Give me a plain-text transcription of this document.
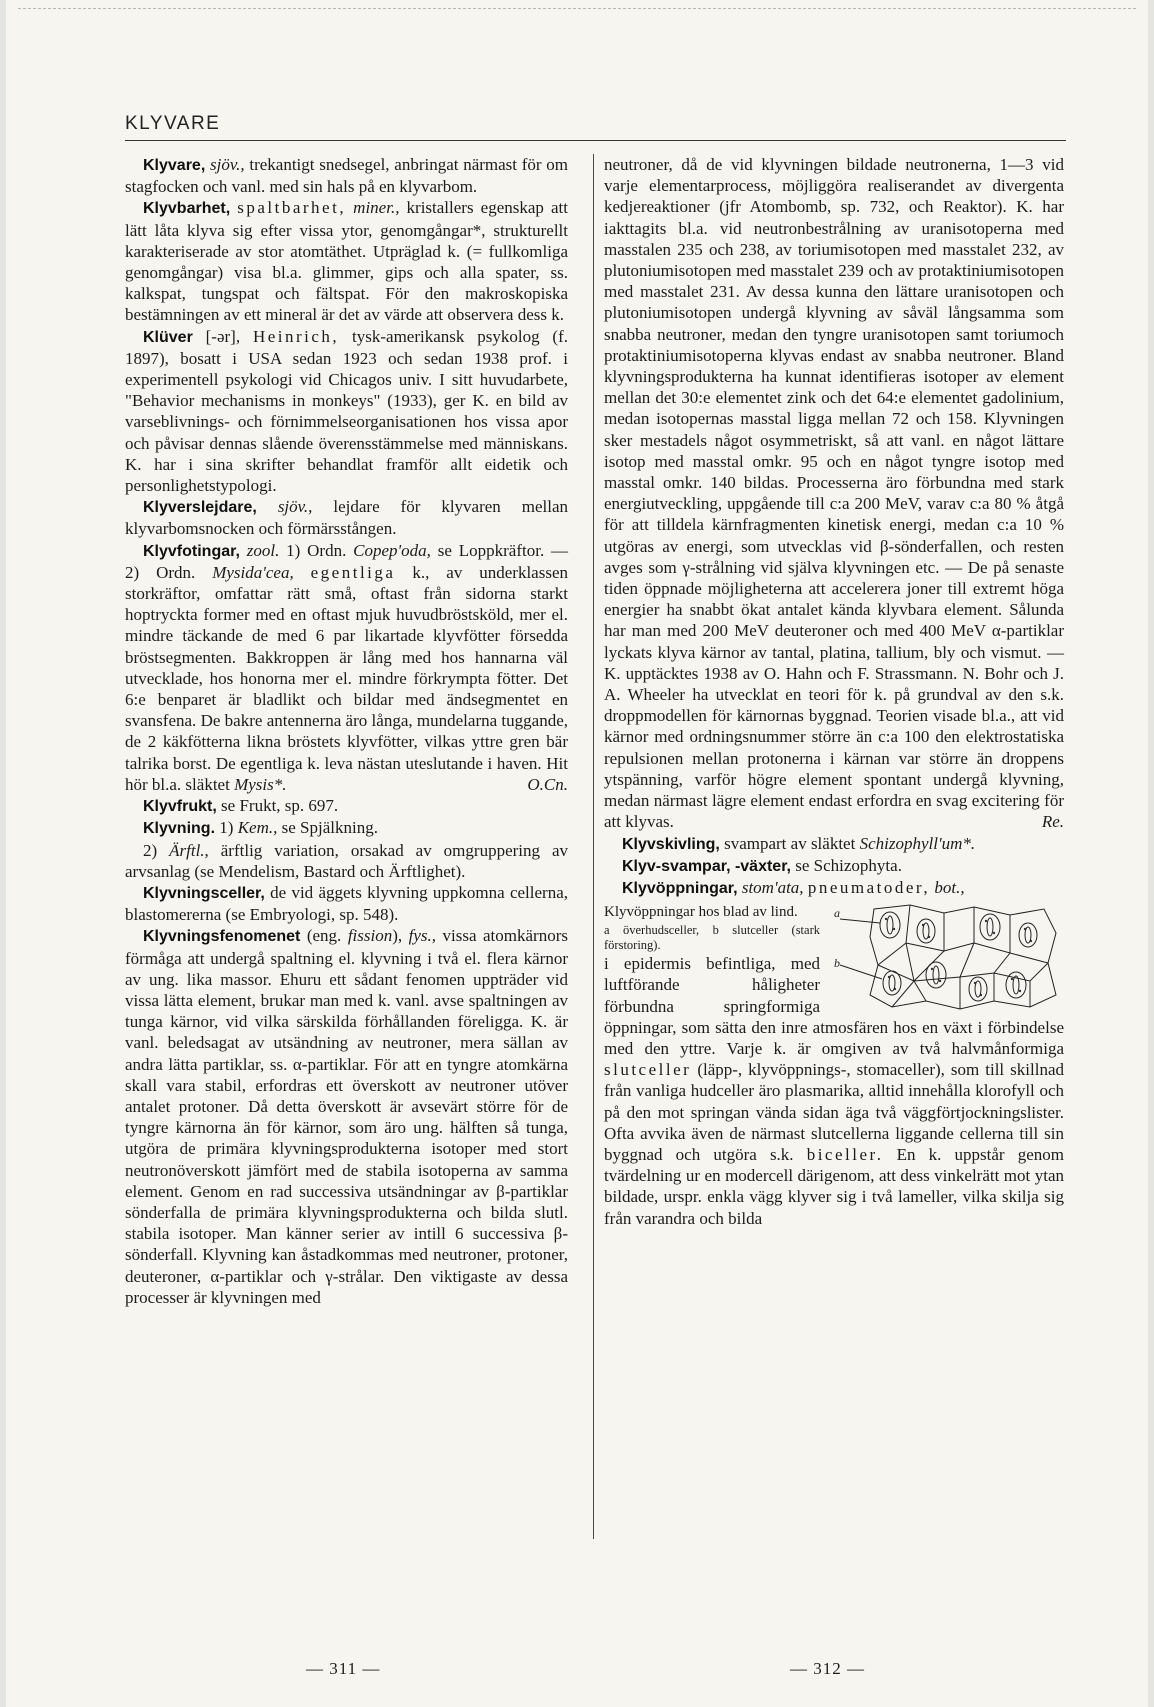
KLYVARE

Klyvare, sjöv., trekantigt snedsegel, anbringat närmast för om stagfocken och vanl. med sin hals på en klyvarbom.

Klyvbarhet, spaltbarhet, miner., kristallers egenskap att lätt låta klyva sig efter vissa ytor, genomgångar*, strukturellt karakteriserade av stor atomtäthet. Utpräglad k. (= fullkomliga genomgångar) visa bl.a. glimmer, gips och alla spater, ss. kalkspat, tungspat och fältspat. För den makroskopiska bestämningen av ett mineral är det av värde att observera dess k.

Klüver [-ər], Heinrich, tysk-amerikansk psykolog (f. 1897), bosatt i USA sedan 1923 och sedan 1938 prof. i experimentell psykologi vid Chicagos univ. I sitt huvudarbete, "Behavior mechanisms in monkeys" (1933), ger K. en bild av varseblivnings- och förnimmelseorganisationen hos vissa apor och påvisar dennas slående överensstämmelse med människans. K. har i sina skrifter behandlat framför allt eidetik och personlighetstypologi.

Klyverslejdare, sjöv., lejdare för klyvaren mellan klyvarbomsnocken och förmärsstången.

Klyvfotingar, zool. 1) Ordn. Copep'oda, se Loppkräftor. — 2) Ordn. Mysida'cea, egentliga k., av underklassen storkräftor, omfattar rätt små, oftast från sidorna starkt hoptryckta former med en oftast mjuk huvudbröstsköld, mer el. mindre täckande de med 6 par likartade klyvfötter försedda bröstsegmenten. Bakkroppen är lång med hos hannarna väl utvecklade, hos honorna mer el. mindre förkrympta fötter. Det 6:e benparet är bladlikt och bildar med ändsegmentet en svansfena. De bakre antennerna äro långa, mundelarna tuggande, de 2 käkfötterna likna bröstets klyvfötter, vilkas yttre gren bär talrika borst. De egentliga k. leva nästan uteslutande i haven. Hit hör bl.a. släktet Mysis*.	O.Cn.

Klyvfrukt, se Frukt, sp. 697.

Klyvning. 1) Kem., se Spjälkning.

2) Ärftl., ärftlig variation, orsakad av omgruppering av arvsanlag (se Mendelism, Bastard och Ärftlighet).

Klyvningsceller, de vid äggets klyvning uppkomna cellerna, blastomererna (se Embryologi, sp. 548).

Klyvningsfenomenet (eng. fission), fys., vissa atomkärnors förmåga att undergå spaltning el. klyvning i två el. flera kärnor av ung. lika massor. Ehuru ett sådant fenomen uppträder vid vissa lätta element, brukar man med k. vanl. avse spaltningen av tunga kärnor, vid vilka särskilda förhållanden föreligga. K. är vanl. beledsagat av utsändning av neutroner, mera sällan av andra lätta partiklar, ss. α-partiklar. För att en tyngre atomkärna skall vara stabil, erfordras ett överskott av neutroner utöver antalet protoner. Då detta överskott är avsevärt större för de tyngre kärnorna än för kärnor, som äro ung. hälften så tunga, utgöra de primära klyvningsprodukterna isotoper med stort neutronöverskott jämfört med de stabila isotoperna av samma element. Genom en rad successiva utsändningar av β-partiklar sönderfalla de primära klyvningsprodukterna och bilda slutl. stabila isotoper. Man känner serier av intill 6 successiva β-sönderfall. Klyvning kan åstadkommas med neutroner, protoner, deuteroner, α-partiklar och γ-strålar. Den viktigaste av dessa processer är klyvningen med

neutroner, då de vid klyvningen bildade neutronerna, 1—3 vid varje elementarprocess, möjliggöra realiserandet av divergenta kedjereaktioner (jfr Atombomb, sp. 732, och Reaktor). K. har iakttagits bl.a. vid neutronbestrålning av uranisotoperna med masstalen 235 och 238, av toriumisotopen med masstalet 232, av plutoniumisotopen med masstalet 239 och av protaktiniumisotopen med masstalet 231. Av dessa kunna den lättare uranisotopen och plutoniumisotopen undergå klyvning av såväl långsamma som snabba neutroner, medan den tyngre uranisotopen samt toriumoch protaktiniumisotoperna klyvas endast av snabba neutroner. Bland klyvningsprodukterna ha kunnat identifieras isotoper av element mellan det 30:e elementet zink och det 64:e elementet gadolinium, medan isotopernas masstal ligga mellan 72 och 158. Klyvningen sker mestadels något osymmetriskt, så att vanl. en något lättare isotop med masstal omkr. 95 och en något tyngre isotop med masstal omkr. 140 bildas. Processerna äro förbundna med stark energiutveckling, uppgående till c:a 200 MeV, varav c:a 80 % åtgå för att tilldela kärnfragmenten kinetisk energi, medan c:a 10 % utgöras av energi, som utvecklas vid β-sönderfallen, och resten avges som γ-strålning vid själva klyvningen etc. — De på senaste tiden öppnade möjligheterna att accelerera joner till extremt höga energier ha snabbt ökat antalet kända klyvbara element. Sålunda har man med 200 MeV deuteroner och med 400 MeV α-partiklar lyckats klyva kärnor av tantal, platina, tallium, bly och vismut. — K. upptäcktes 1938 av O. Hahn och F. Strassmann. N. Bohr och J. A. Wheeler ha utvecklat en teori för k. på grundval av den s.k. droppmodellen för kärnornas byggnad. Teorien visade bl.a., att vid kärnor med ordningsnummer större än c:a 100 den elektrostatiska repulsionen mellan protonerna i kärnan var större än droppens ytspänning, varför högre element spontant undergå klyvning, medan närmast lägre element endast erfordra en svag excitering för att klyvas.	Re.

Klyvskivling, svampart av släktet Schizophyll'um*.

Klyv-svampar, -växter, se Schizophyta.

Klyvöppningar, stom'ata, pneumatoder, bot.,
a
b

Klyvöppningar hos blad av lind.
a överhudsceller, b slutceller (stark förstoring).
i epidermis befintliga, med luftförande håligheter förbundna springformiga öppningar, som sätta den inre atmosfären hos en växt i förbindelse med den yttre. Varje k. är omgiven av två halvmånformiga slutceller (läpp-, klyvöppnings-, stomaceller), som till skillnad från vanliga hudceller äro plasmarika, alltid innehålla klorofyll och på den mot springan vända sidan äga två väggförtjockningslister. Ofta avvika även de närmast slutcellerna liggande cellerna till sin byggnad och utgöra s.k. biceller. En k. uppstår genom tvärdelning ur en modercell därigenom, att dess vinkelrätt mot ytan bildade, urspr. enkla vägg klyver sig i två lameller, vilka skilja sig från varandra och bilda

— 311 —	— 312 —
